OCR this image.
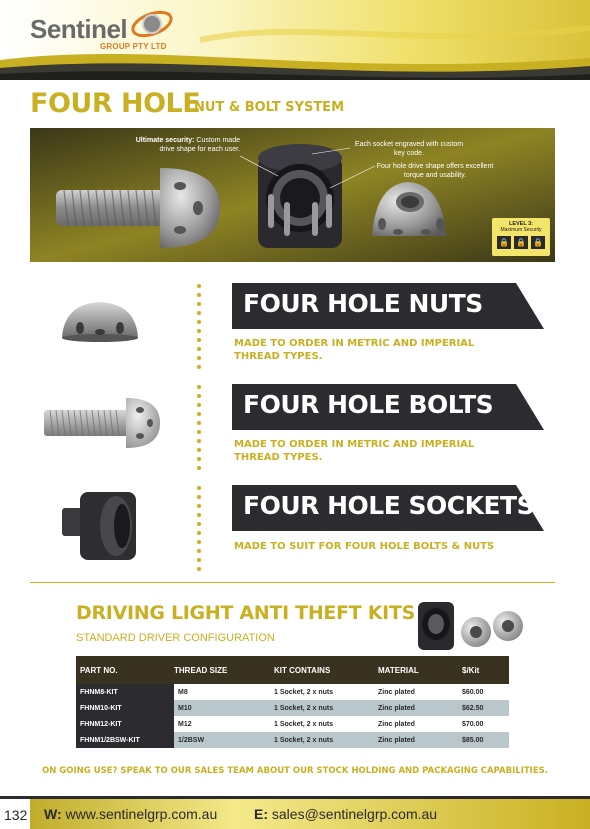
Sentinel
GROUP PTY LTD
FOUR HOLE
NUT & BOLT SYSTEM
Ultimate security: Custom made
drive shape for each user.
Each socket engraved with custom
key code.
Four hole drive shape offers excellent
torque and usability.
LEVEL 3:
Maximum Security
🔒 🔒 🔒
FOUR HOLE NUTS
MADE TO ORDER IN METRIC AND IMPERIAL
THREAD TYPES.
FOUR HOLE BOLTS
MADE TO ORDER IN METRIC AND IMPERIAL
THREAD TYPES.
FOUR HOLE SOCKETS
MADE TO SUIT FOR FOUR HOLE BOLTS & NUTS
DRIVING LIGHT ANTI THEFT KITS
STANDARD DRIVER CONFIGURATION
PART NO.	THREAD SIZE	KIT CONTAINS	MATERIAL	$/Kit
FHNM8-KIT	M8	1 Socket, 2 x nuts	Zinc plated	$60.00
FHNM10-KIT	M10	1 Socket, 2 x nuts	Zinc plated	$62.50
FHNM12-KIT	M12	1 Socket, 2 x nuts	Zinc plated	$70.00
FHNM1/2BSW-KIT	1/2BSW	1 Socket, 2 x nuts	Zinc plated	$85.00
ON GOING USE? SPEAK TO OUR SALES TEAM ABOUT OUR STOCK HOLDING AND PACKAGING CAPABILITIES.
132 W: www.sentinelgrp.com.au	E: sales@sentinelgrp.com.au
